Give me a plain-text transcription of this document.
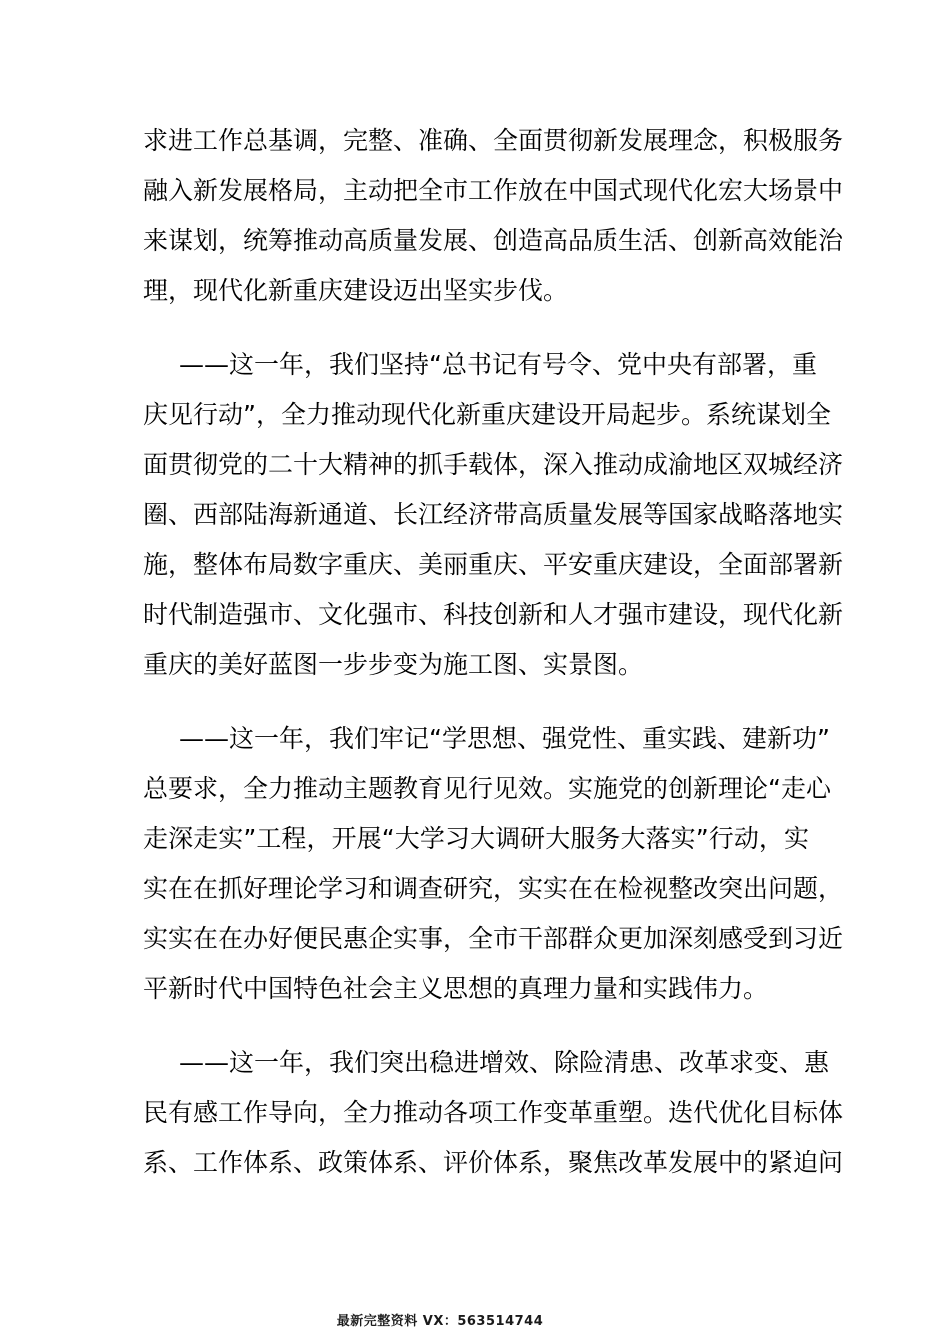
求进工作总基调，完整、准确、全面贯彻新发展理念，积极服务
融入新发展格局，主动把全市工作放在中国式现代化宏大场景中
来谋划，统筹推动高质量发展、创造高品质生活、创新高效能治
理，现代化新重庆建设迈出坚实步伐。
——这一年，我们坚持“总书记有号令、党中央有部署，重
庆见行动”，全力推动现代化新重庆建设开局起步。系统谋划全
面贯彻党的二十大精神的抓手载体，深入推动成渝地区双城经济
圈、西部陆海新通道、长江经济带高质量发展等国家战略落地实
施，整体布局数字重庆、美丽重庆、平安重庆建设，全面部署新
时代制造强市、文化强市、科技创新和人才强市建设，现代化新
重庆的美好蓝图一步步变为施工图、实景图。
——这一年，我们牢记“学思想、强党性、重实践、建新功”
总要求，全力推动主题教育见行见效。实施党的创新理论“走心
走深走实”工程，开展“大学习大调研大服务大落实”行动，实
实在在抓好理论学习和调查研究，实实在在检视整改突出问题，
实实在在办好便民惠企实事，全市干部群众更加深刻感受到习近
平新时代中国特色社会主义思想的真理力量和实践伟力。
——这一年，我们突出稳进增效、除险清患、改革求变、惠
民有感工作导向，全力推动各项工作变革重塑。迭代优化目标体
系、工作体系、政策体系、评价体系，聚焦改革发展中的紧迫问
最新完整资料 VX：563514744
